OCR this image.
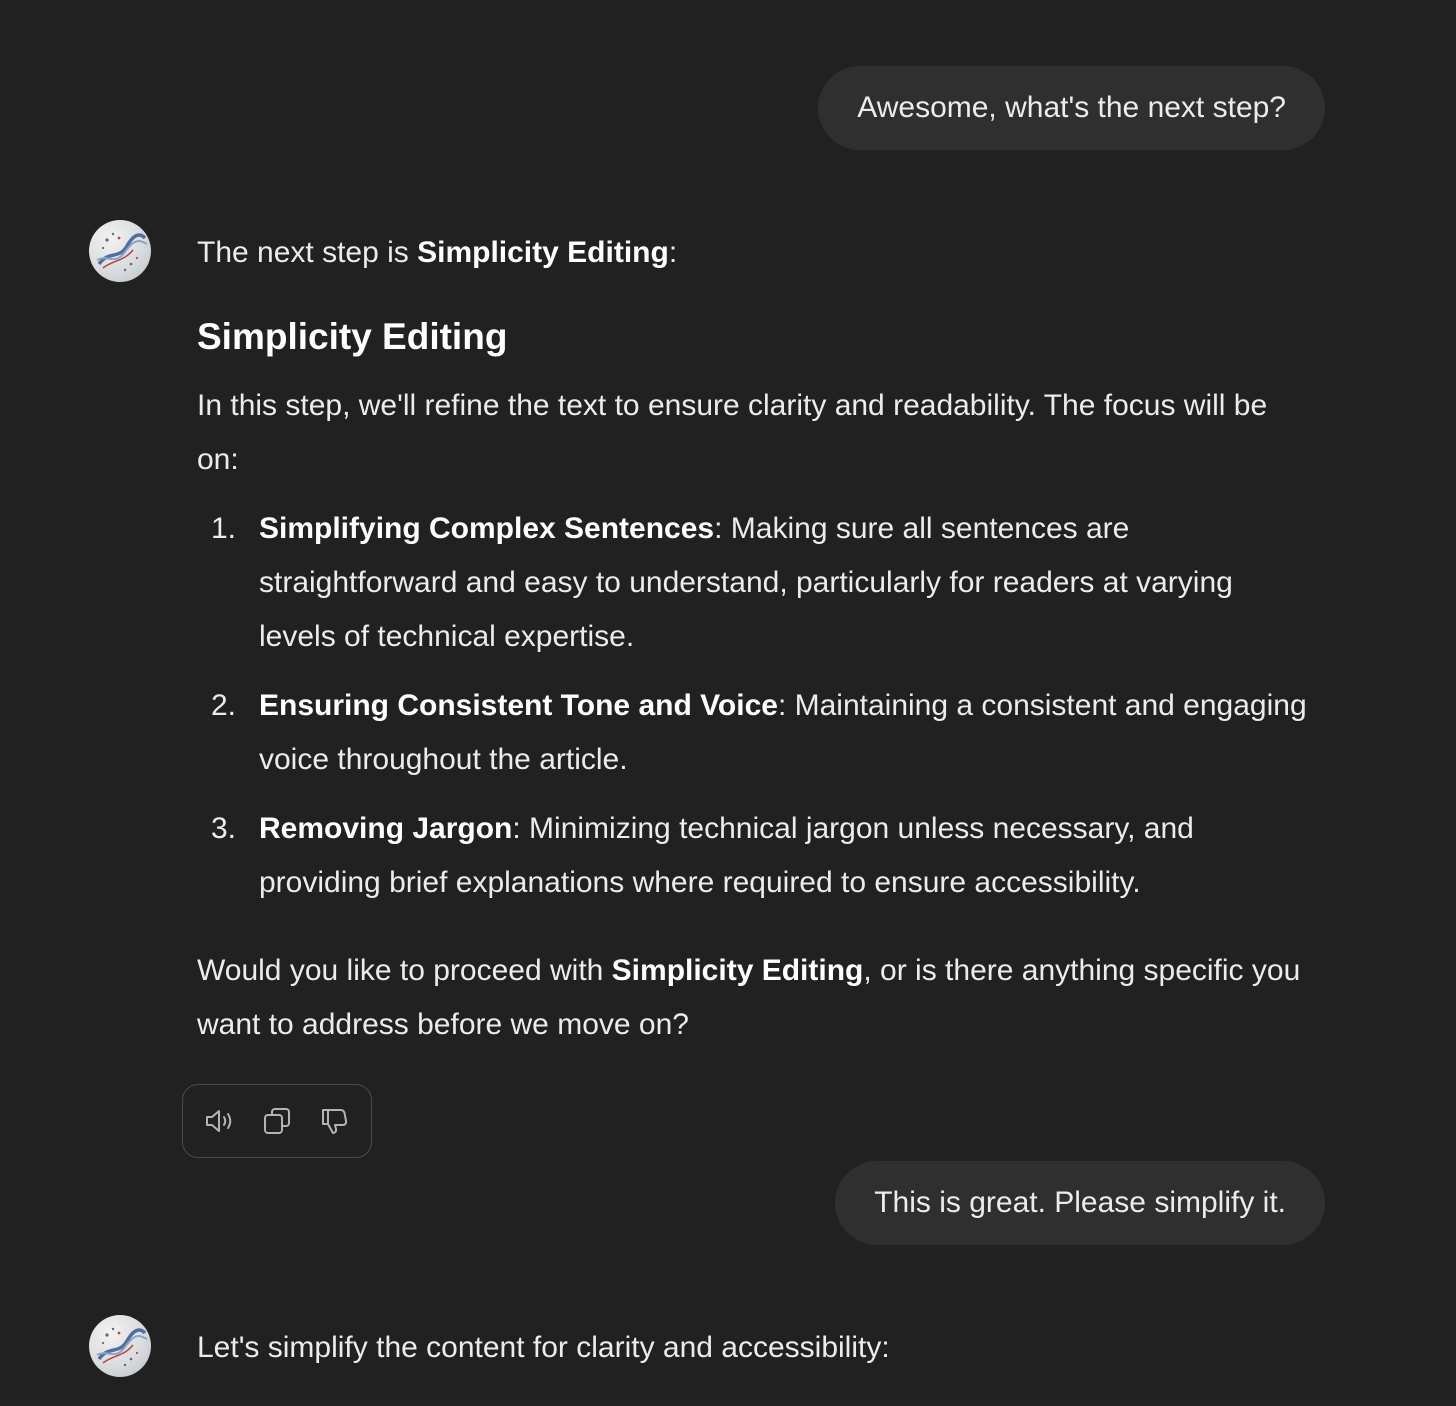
Awesome, what's the next step?

The next step is Simplicity Editing:

Simplicity Editing

In this step, we'll refine the text to ensure clarity and readability. The focus will be on:

1. Simplifying Complex Sentences: Making sure all sentences are straightforward and easy to understand, particularly for readers at varying levels of technical expertise.
2. Ensuring Consistent Tone and Voice: Maintaining a consistent and engaging voice throughout the article.
3. Removing Jargon: Minimizing technical jargon unless necessary, and providing brief explanations where required to ensure accessibility.

Would you like to proceed with Simplicity Editing, or is there anything specific you want to address before we move on?

This is great. Please simplify it.

Let's simplify the content for clarity and accessibility:
